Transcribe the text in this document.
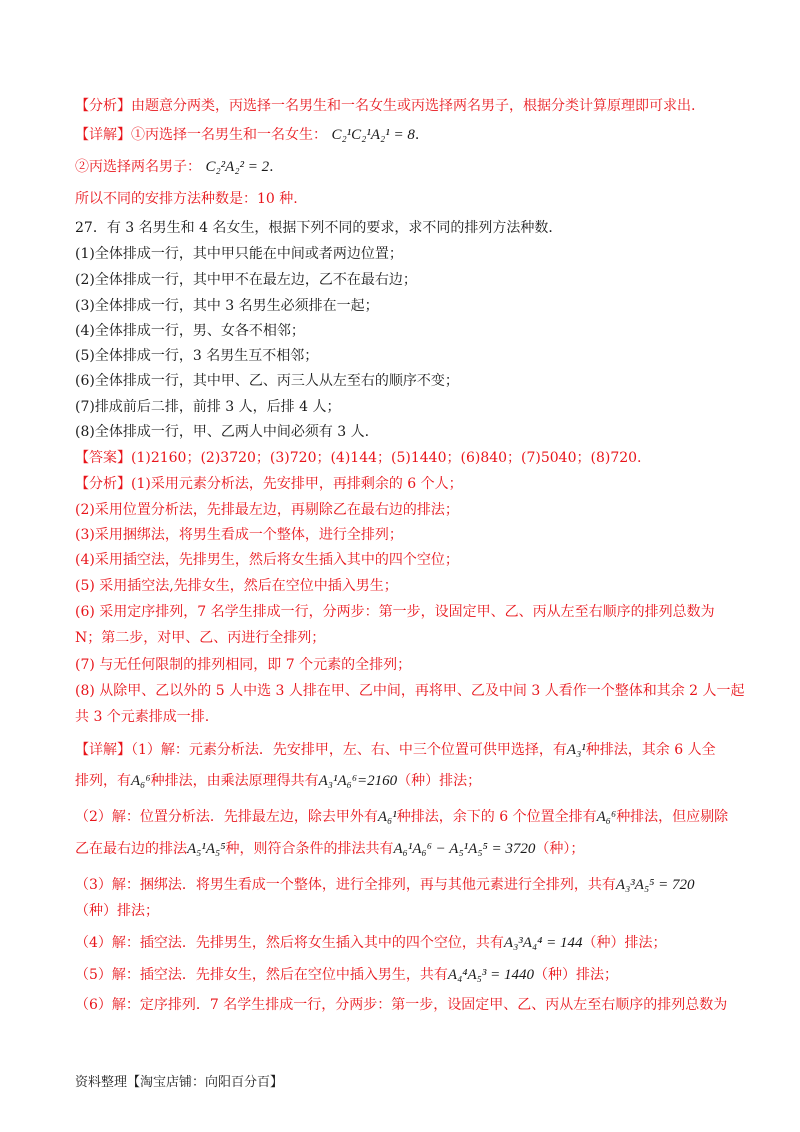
【分析】由题意分两类，丙选择一名男生和一名女生或丙选择两名男子，根据分类计算原理即可求出.
【详解】①丙选择一名男生和一名女生： C₂¹C₂¹A₂¹ = 8.
②丙选择两名男子： C₂²A₂² = 2.
所以不同的安排方法种数是：10 种.
27．有 3 名男生和 4 名女生，根据下列不同的要求，求不同的排列方法种数．
(1)全体排成一行，其中甲只能在中间或者两边位置；
(2)全体排成一行，其中甲不在最左边，乙不在最右边；
(3)全体排成一行，其中 3 名男生必须排在一起；
(4)全体排成一行，男、女各不相邻；
(5)全体排成一行，3 名男生互不相邻；
(6)全体排成一行，其中甲、乙、丙三人从左至右的顺序不变；
(7)排成前后二排，前排 3 人，后排 4 人；
(8)全体排成一行，甲、乙两人中间必须有 3 人.
【答案】(1)2160；(2)3720；(3)720；(4)144；(5)1440；(6)840；(7)5040；(8)720.
【分析】(1)采用元素分析法，先安排甲，再排剩余的 6 个人；
(2)采用位置分析法，先排最左边，再剔除乙在最右边的排法；
(3)采用捆绑法，将男生看成一个整体，进行全排列；
(4)采用插空法，先排男生，然后将女生插入其中的四个空位；
(5) 采用插空法,先排女生，然后在空位中插入男生；
(6) 采用定序排列，7 名学生排成一行，分两步：第一步，设固定甲、乙、丙从左至右顺序的排列总数为
N；第二步，对甲、乙、丙进行全排列；
(7) 与无任何限制的排列相同，即 7 个元素的全排列；
(8) 从除甲、乙以外的 5 人中选 3 人排在甲、乙中间，再将甲、乙及中间 3 人看作一个整体和其余 2 人一起
共 3 个元素排成一排.
【详解】（1）解：元素分析法．先安排甲，左、右、中三个位置可供甲选择，有A₃¹种排法，其余 6 人全
排列，有A₆⁶种排法，由乘法原理得共有A₃¹A₆⁶=2160（种）排法；
（2）解：位置分析法．先排最左边，除去甲外有A₆¹种排法，余下的 6 个位置全排有A₆⁶种排法，但应剔除
乙在最右边的排法A₅¹A₅⁵种，则符合条件的排法共有A₆¹A₆⁶ − A₅¹A₅⁵ = 3720（种）；
（3）解：捆绑法．将男生看成一个整体，进行全排列，再与其他元素进行全排列，共有A₃³A₅⁵ = 720
（种）排法；
（4）解：插空法．先排男生，然后将女生插入其中的四个空位，共有A₃³A₄⁴ = 144（种）排法；
（5）解：插空法．先排女生，然后在空位中插入男生，共有A₄⁴A₅³ = 1440（种）排法；
（6）解：定序排列．7 名学生排成一行，分两步：第一步，设固定甲、乙、丙从左至右顺序的排列总数为
资料整理【淘宝店铺：向阳百分百】
